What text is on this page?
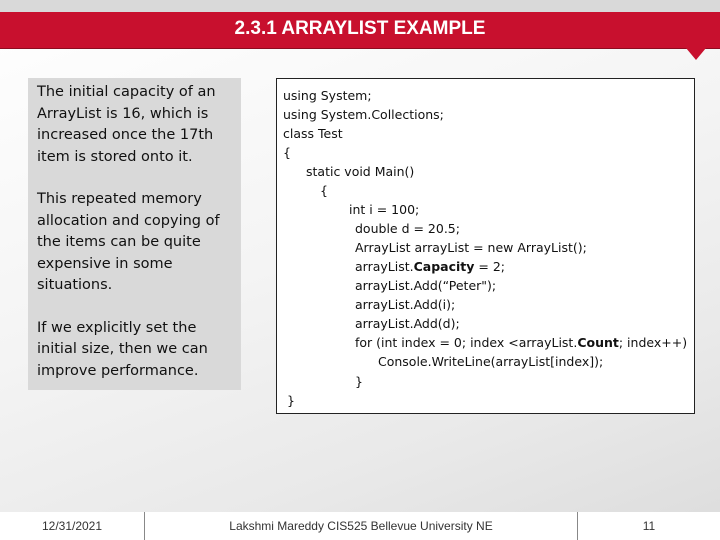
2.3.1 ARRAYLIST EXAMPLE

The initial capacity of an ArrayList is 16, which is increased once the 17th item is stored onto it.

This repeated memory allocation and copying of the items can be quite expensive in some situations.

If we explicitly set the initial size, then we can improve performance.

using System;
using System.Collections;
class Test
{
static void Main()
{
int i = 100;
double d = 20.5;
ArrayList arrayList = new ArrayList();
arrayList.Capacity = 2;
arrayList.Add(“Peter");
arrayList.Add(i);
arrayList.Add(d);
for (int index = 0; index <arrayList.Count; index++)
Console.WriteLine(arrayList[index]);
}
}
12/31/2021	Lakshmi Mareddy CIS525 Bellevue University NE	11
